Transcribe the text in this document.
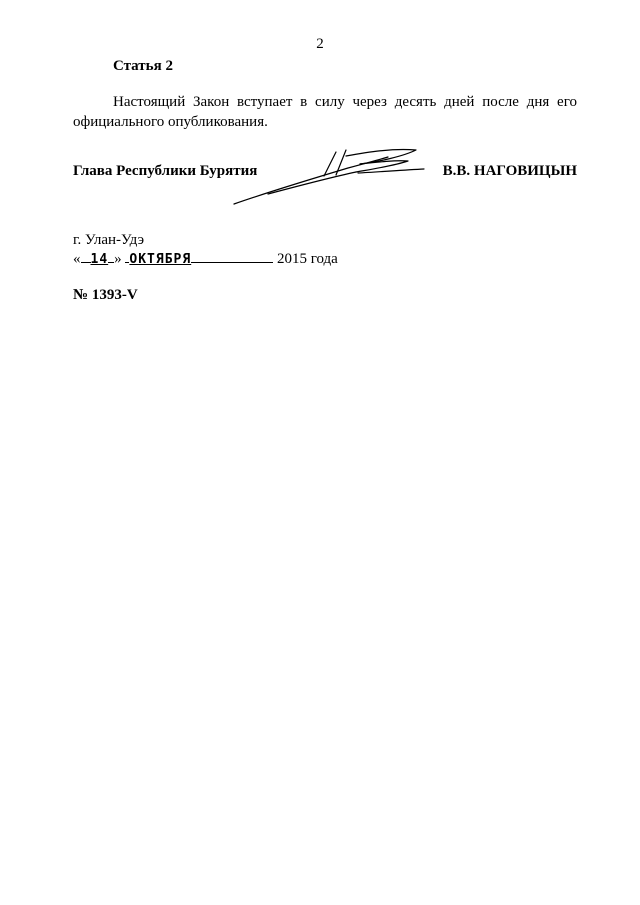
2
Статья 2

Настоящий Закон вступает в силу через десять дней после дня его официального опубликования.

Глава Республики Бурятия	В.В. НАГОВИЦЫН
г. Улан-Удэ
« 14 » ОКТЯБРЯ	2015 года
№ 1393-V
